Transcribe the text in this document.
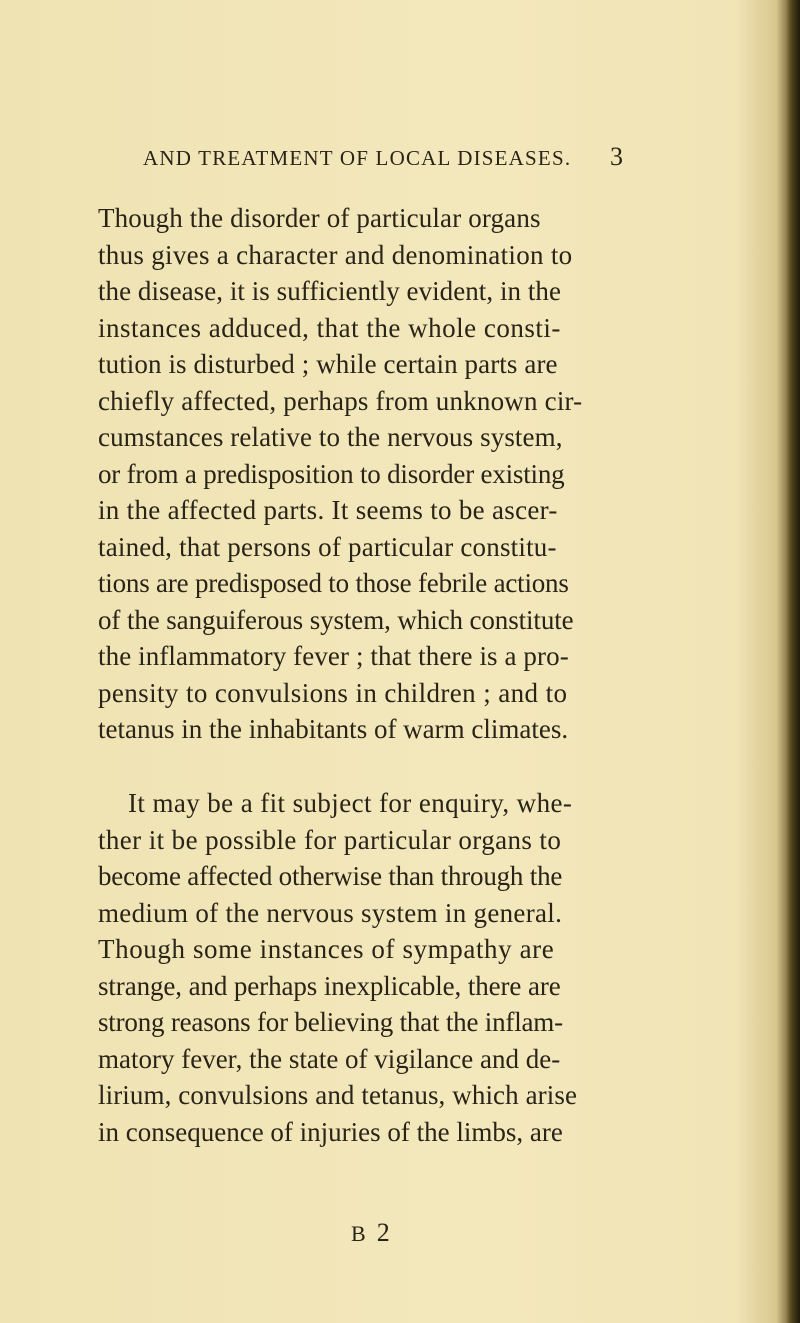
AND TREATMENT OF LOCAL DISEASES. 3

Though the disorder of particular organs
thus gives a character and denomination to
the disease, it is sufficiently evident, in the
instances adduced, that the whole consti-
tution is disturbed ; while certain parts are
chiefly affected, perhaps from unknown cir-
cumstances relative to the nervous system,
or from a predisposition to disorder existing
in the affected parts. It seems to be ascer-
tained, that persons of particular constitu-
tions are predisposed to those febrile actions
of the sanguiferous system, which constitute
the inflammatory fever ; that there is a pro-
pensity to convulsions in children ; and to
tetanus in the inhabitants of warm climates.

It may be a fit subject for enquiry, whe-
ther it be possible for particular organs to
become affected otherwise than through the
medium of the nervous system in general.
Though some instances of sympathy are
strange, and perhaps inexplicable, there are
strong reasons for believing that the inflam-
matory fever, the state of vigilance and de-
lirium, convulsions and tetanus, which arise
in consequence of injuries of the limbs, are

B 2
